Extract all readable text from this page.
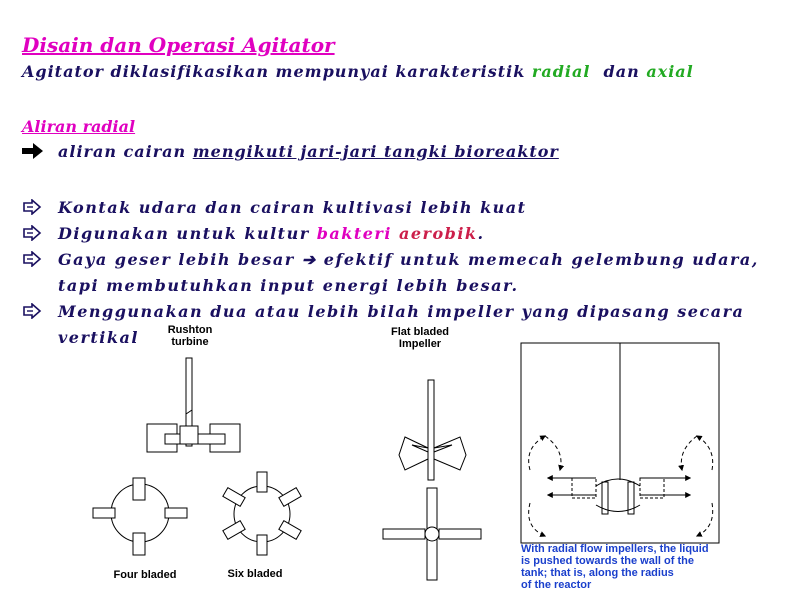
Disain dan Operasi Agitator
Agitator diklasifikasikan mempunyai karakteristik radial  dan axial
Aliran radial
aliran cairan mengikuti jari-jari tangki bioreaktor
Kontak udara dan cairan kultivasi lebih kuat
Digunakan untuk kultur bakteri aerobik.
Gaya geser lebih besar ➔ efektif untuk memecah gelembung udara, tapi membutuhkan input energi lebih besar.
Menggunakan dua atau lebih bilah impeller yang dipasang secara vertikal	Rushton
turbine
Flat bladed
Impeller
Four bladed	Six bladed
With radial flow impellers, the liquid
is pushed towards the wall of the
tank; that is, along the radius
of the reactor
